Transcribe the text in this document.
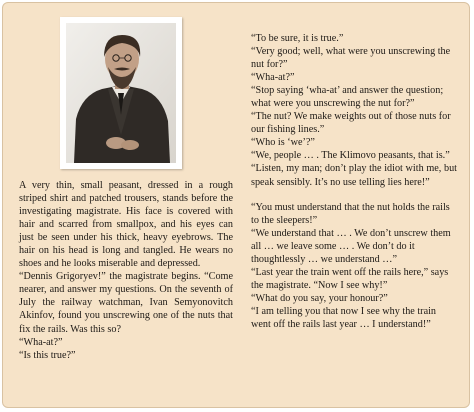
A very thin, small peasant, dressed in a rough striped shirt and patched trousers, stands before the investigating magistrate. His face is covered with hair and scarred from smallpox, and his eyes can just be seen under his thick, heavy eyebrows. The hair on his head is long and tangled. He wears no shoes and he looks miserable and depressed.

“Dennis Grigoryev!” the magistrate begins. “Come nearer, and answer my questions. On the seventh of July the railway watchman, Ivan Semyonovitch Akinfov, found you unscrewing one of the nuts that fix the rails. Was this so?

“Wha-at?”

“Is this true?”

“To be sure, it is true.”

“Very good; well, what were you unscrewing the nut for?”

“Wha-at?”

“Stop saying ‘wha-at’ and answer the question; what were you unscrewing the nut for?”

“The nut? We make weights out of those nuts for our fishing lines.”

“Who is ‘we’?”

“We, people … . The Klimovo peasants, that is.”

“Listen, my man; don’t play the idiot with me, but speak sensibly. It’s no use telling lies here!”

“You must understand that the nut holds the rails to the sleepers!”

“We understand that … . We don’t unscrew them all … we leave some … . We don’t do it thoughtlessly … we understand …”

“Last year the train went off the rails here,” says the magistrate. “Now I see why!”

“What do you say, your honour?”

“I am telling you that now I see why the train went off the rails last year … I understand!”
